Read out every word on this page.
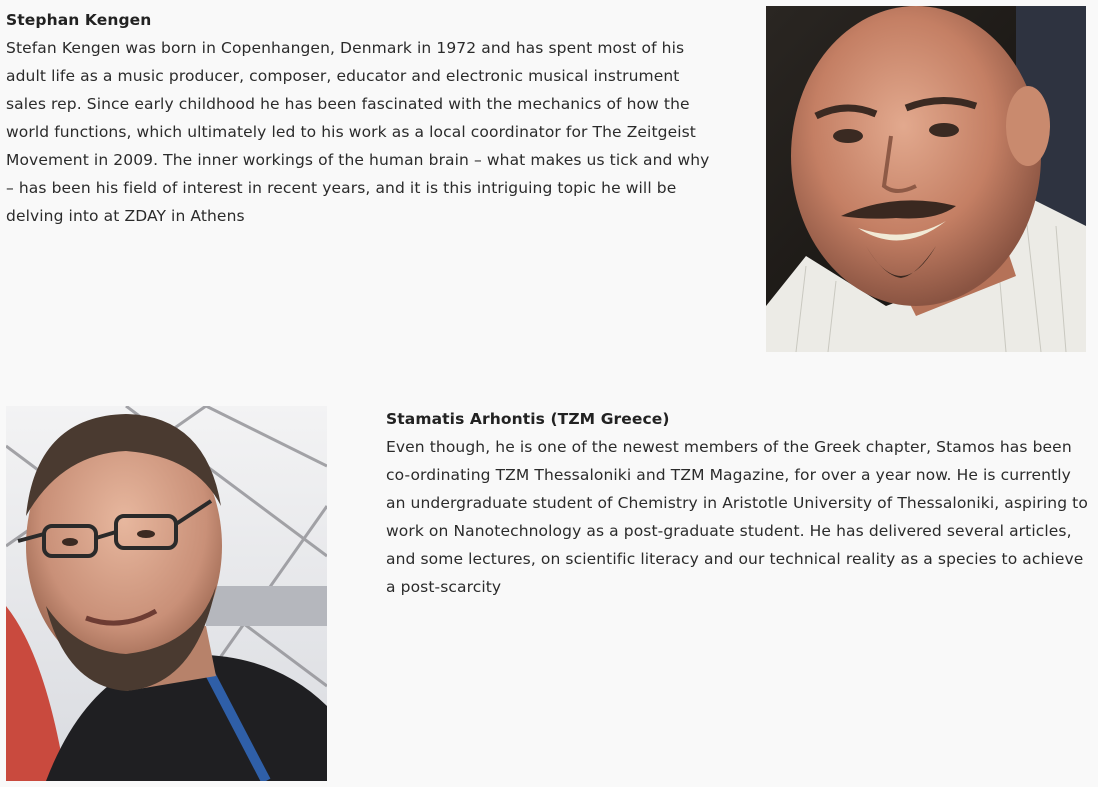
Stephan Kengen
Stefan Kengen was born in Copenhangen, Denmark in 1972 and has spent most of his adult life as a music producer, composer, educator and electronic musical instrument sales rep. Since early childhood he has been fascinated with the mechanics of how the world functions, which ultimately led to his work as a local coordinator for The Zeitgeist Movement in 2009. The inner workings of the human brain – what makes us tick and why – has been his field of interest in recent years, and it is this intriguing topic he will be delving into at ZDAY in Athens
Stamatis Arhontis (TZM Greece)
Even though, he is one of the newest members of the Greek chapter, Stamos has been co-ordinating TZM Thessaloniki and TZM Magazine, for over a year now. He is currently an undergraduate student of Chemistry in Aristotle University of Thessaloniki, aspiring to work on Nanotechnology as a post-graduate student. He has delivered several articles, and some lectures, on scientific literacy and our technical reality as a species to achieve a post-scarcity
